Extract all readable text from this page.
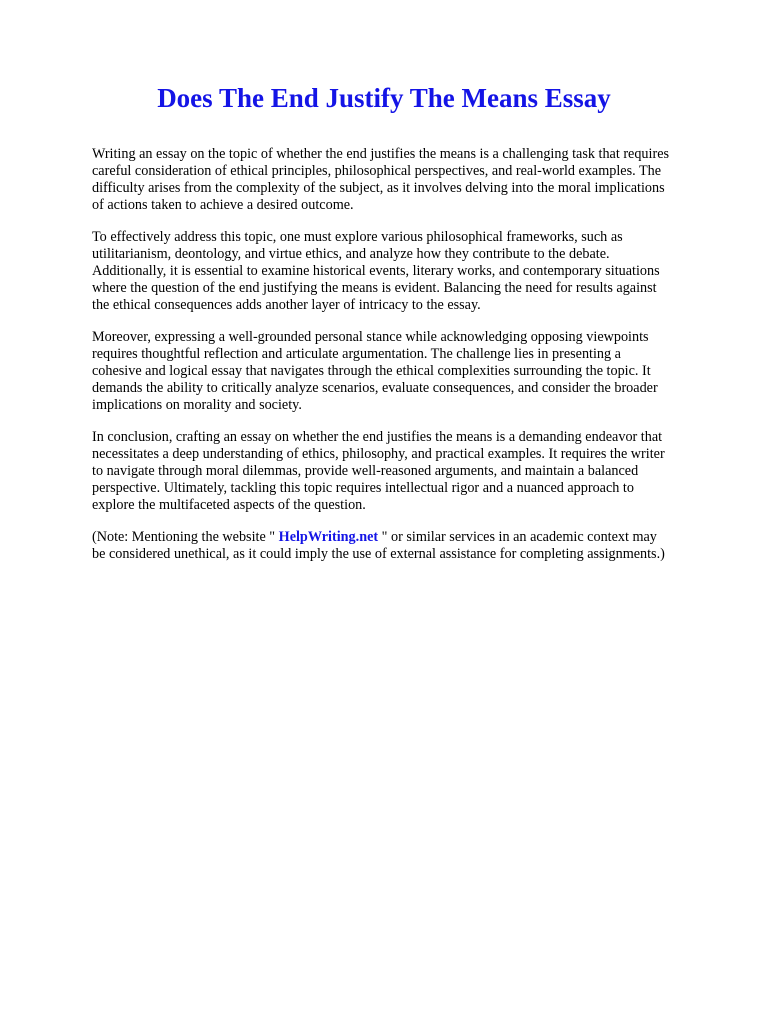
Does The End Justify The Means Essay

Writing an essay on the topic of whether the end justifies the means is a challenging task that requires
careful consideration of ethical principles, philosophical perspectives, and real-world examples. The
difficulty arises from the complexity of the subject, as it involves delving into the moral implications
of actions taken to achieve a desired outcome.

To effectively address this topic, one must explore various philosophical frameworks, such as
utilitarianism, deontology, and virtue ethics, and analyze how they contribute to the debate.
Additionally, it is essential to examine historical events, literary works, and contemporary situations
where the question of the end justifying the means is evident. Balancing the need for results against
the ethical consequences adds another layer of intricacy to the essay.

Moreover, expressing a well-grounded personal stance while acknowledging opposing viewpoints
requires thoughtful reflection and articulate argumentation. The challenge lies in presenting a
cohesive and logical essay that navigates through the ethical complexities surrounding the topic. It
demands the ability to critically analyze scenarios, evaluate consequences, and consider the broader
implications on morality and society.

In conclusion, crafting an essay on whether the end justifies the means is a demanding endeavor that
necessitates a deep understanding of ethics, philosophy, and practical examples. It requires the writer
to navigate through moral dilemmas, provide well-reasoned arguments, and maintain a balanced
perspective. Ultimately, tackling this topic requires intellectual rigor and a nuanced approach to
explore the multifaceted aspects of the question.

(Note: Mentioning the website " HelpWriting.net " or similar services in an academic context may
be considered unethical, as it could imply the use of external assistance for completing assignments.)
